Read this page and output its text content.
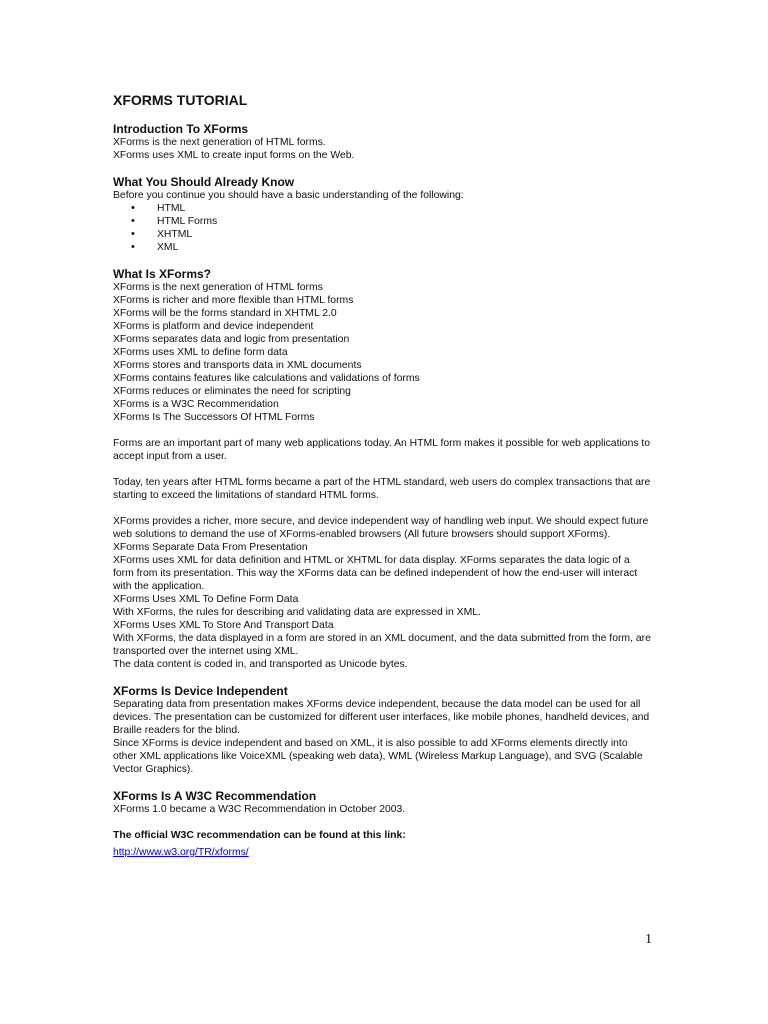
XFORMS TUTORIAL
Introduction To XForms
XForms is the next generation of HTML forms.
XForms uses XML to create input forms on the Web.
What You Should Already Know
Before you continue you should have a basic understanding of the following:
• HTML
• HTML Forms
• XHTML
• XML
What Is XForms?
XForms is the next generation of HTML forms
XForms is richer and more flexible than HTML forms
XForms will be the forms standard in XHTML 2.0
XForms is platform and device independent
XForms separates data and logic from presentation
XForms uses XML to define form data
XForms stores and transports data in XML documents
XForms contains features like calculations and validations of forms
XForms reduces or eliminates the need for scripting
XForms is a W3C Recommendation
XForms Is The Successors Of HTML Forms
Forms are an important part of many web applications today. An HTML form makes it possible for web applications to accept input from a user.
Today, ten years after HTML forms became a part of the HTML standard, web users do complex transactions that are starting to exceed the limitations of standard HTML forms.
XForms provides a richer, more secure, and device independent way of handling web input. We should expect future web solutions to demand the use of XForms-enabled browsers (All future browsers should support XForms).
XForms Separate Data From Presentation
XForms uses XML for data definition and HTML or XHTML for data display. XForms separates the data logic of a form from its presentation. This way the XForms data can be defined independent of how the end-user will interact with the application.
XForms Uses XML To Define Form Data
With XForms, the rules for describing and validating data are expressed in XML.
XForms Uses XML To Store And Transport Data
With XForms, the data displayed in a form are stored in an XML document, and the data submitted from the form, are transported over the internet using XML.
The data content is coded in, and transported as Unicode bytes.
XForms Is Device Independent
Separating data from presentation makes XForms device independent, because the data model can be used for all devices. The presentation can be customized for different user interfaces, like mobile phones, handheld devices, and Braille readers for the blind.
Since XForms is device independent and based on XML, it is also possible to add XForms elements directly into other XML applications like VoiceXML (speaking web data), WML (Wireless Markup Language), and SVG (Scalable Vector Graphics).
XForms Is A W3C Recommendation
XForms 1.0 became a W3C Recommendation in October 2003.
The official W3C recommendation can be found at this link:
http://www.w3.org/TR/xforms/
1
